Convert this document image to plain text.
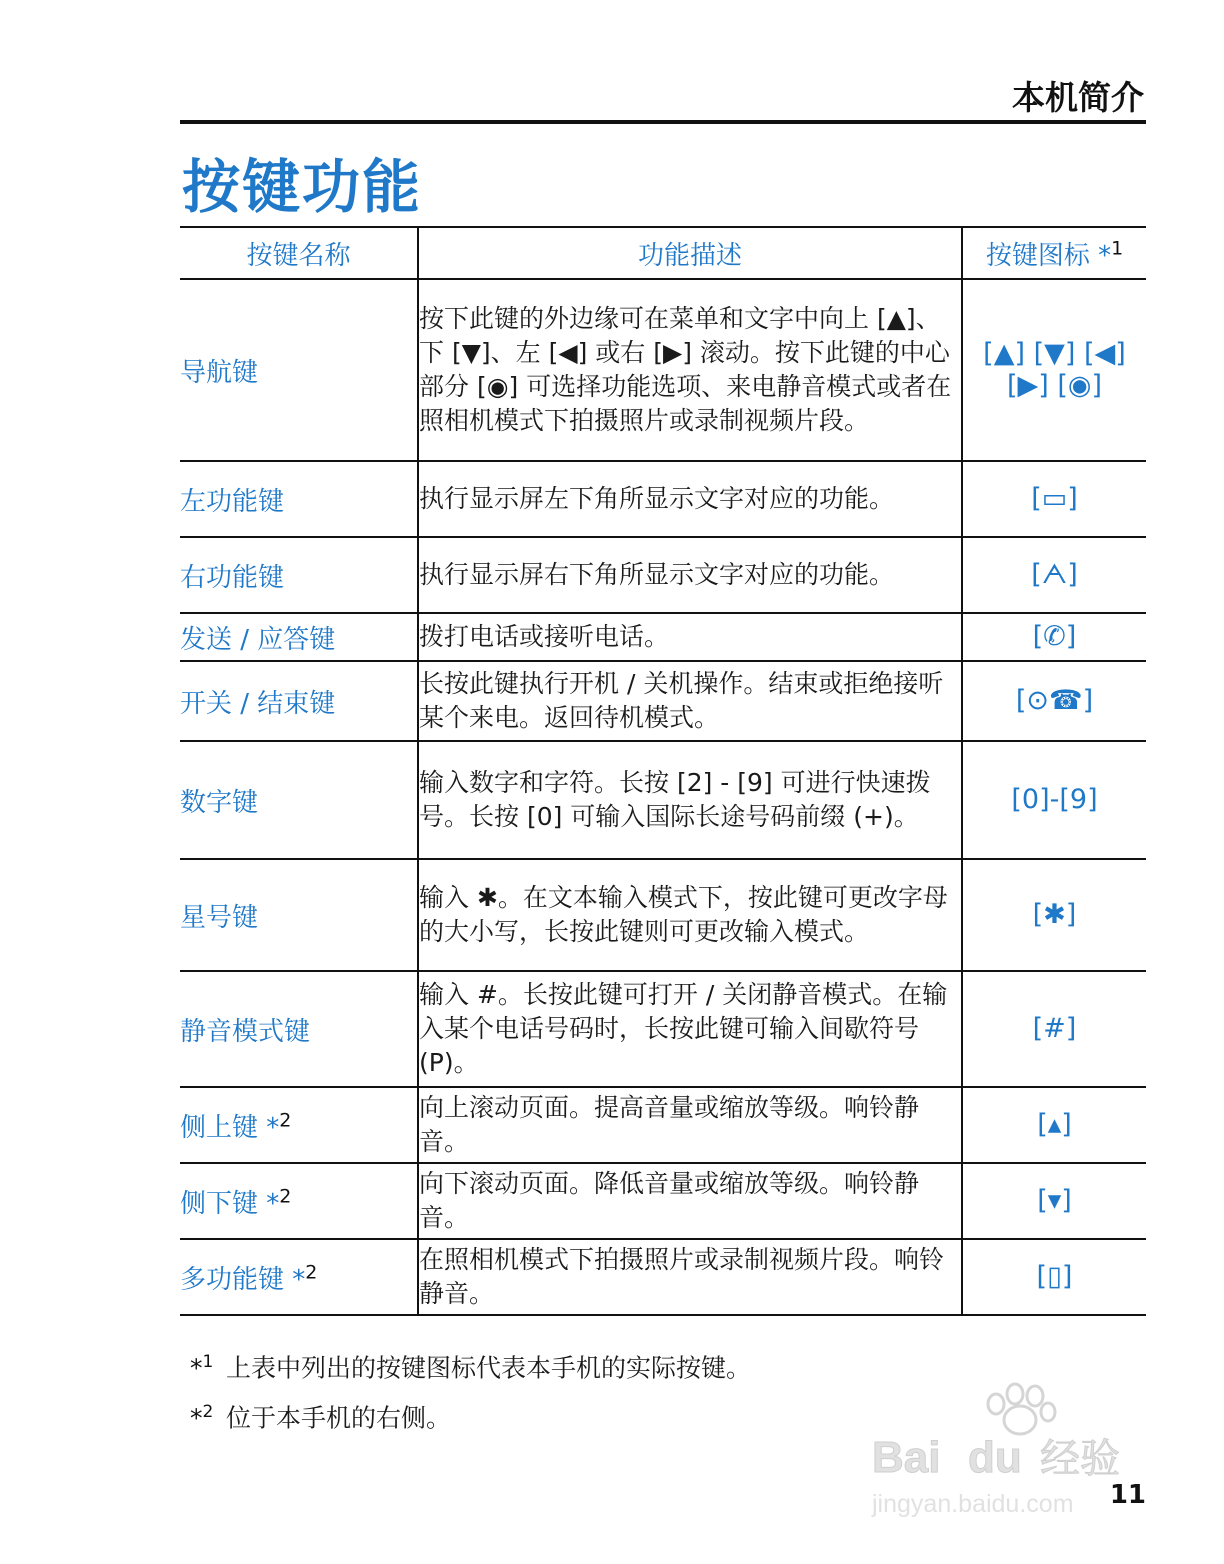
本机简介
按键功能
按键名称	功能描述	按键图标 *$^1$
导航键	按下此键的外边缘可在菜单和文字中向上 [▲]、下 [▼]、左 [◀] 或右 [▶] 滚动。按下此键的中心部分 [◉] 可选择功能选项、来电静音模式或者在照相机模式下拍摄照片或录制视频片段。	[▲] [▼] [◀] [▶] [◉]
左功能键	执行显示屏左下角所显示文字对应的功能。	[▭]
右功能键	执行显示屏右下角所显示文字对应的功能。	[ᗅ]
发送 / 应答键	拨打电话或接听电话。	[✆]
开关 / 结束键	长按此键执行开机 / 关机操作。结束或拒绝接听某个来电。返回待机模式。	[⊙☎]
数字键	输入数字和字符。长按 [2] - [9] 可进行快速拨号。长按 [0] 可输入国际长途号码前缀 (+)。	[0]-[9]
星号键	输入 ✱。在文本输入模式下，按此键可更改字母的大小写，长按此键则可更改输入模式。	[✱]
静音模式键	输入 #。长按此键可打开 / 关闭静音模式。在输入某个电话号码时，长按此键可输入间歇符号 (P)。	[#]
侧上键 *$^2$	向上滚动页面。提高音量或缩放等级。响铃静音。	[▴]
侧下键 *$^2$	向下滚动页面。降低音量或缩放等级。响铃静音。	[▾]
多功能键 *$^2$	在照相机模式下拍摄照片或录制视频片段。响铃静音。	[▯]
*$^1$ 上表中列出的按键图标代表本手机的实际按键。
*$^2$ 位于本手机的右侧。
Bai du 经验
jingyan.baidu.com 11
